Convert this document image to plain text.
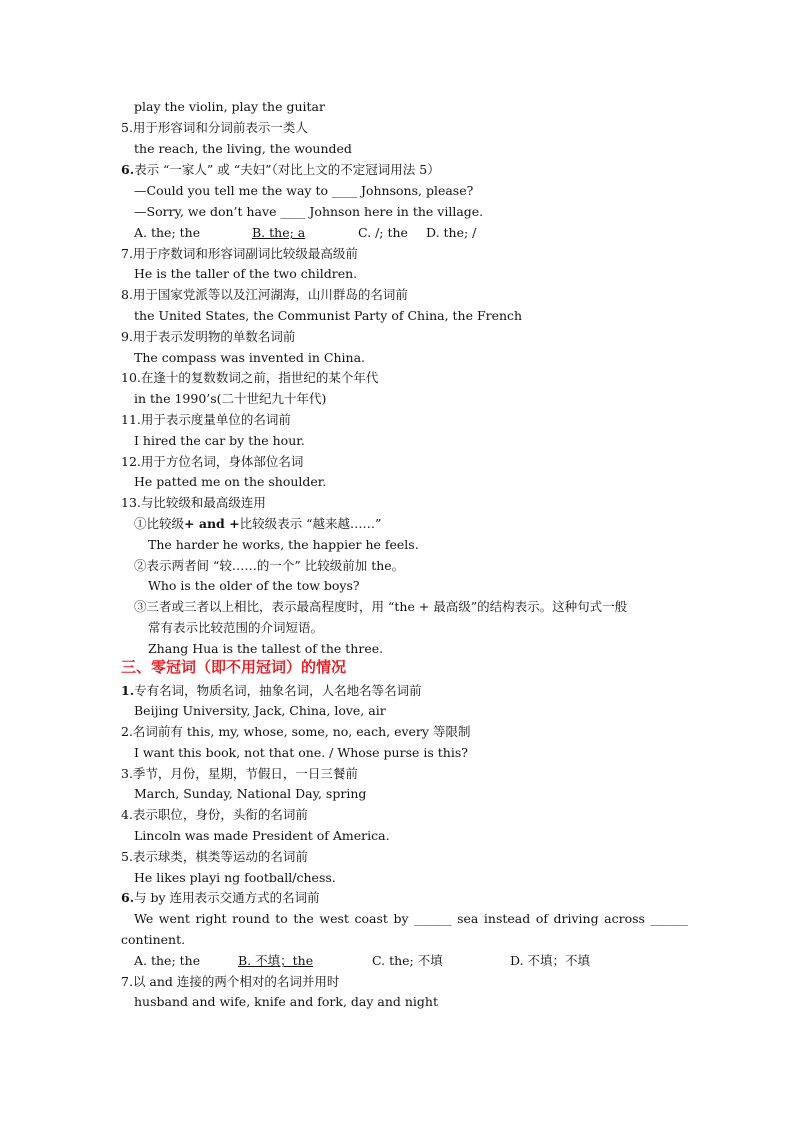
play the violin, play the guitar
5.用于形容词和分词前表示一类人
the reach, the living, the wounded
6.表示 “一家人” 或 “夫妇”（对比上文的不定冠词用法 5）
—Could you tell me the way to ____ Johnsons, please?
—Sorry, we don’t have ____ Johnson here in the village.
A. the; the	B. the; a	C. /; the D. the; /
7.用于序数词和形容词副词比较级最高级前
He is the taller of the two children.
8.用于国家党派等以及江河湖海，山川群岛的名词前
the United States, the Communist Party of China, the French
9.用于表示发明物的单数名词前
The compass was invented in China.
10.在逢十的复数数词之前，指世纪的某个年代
in the 1990’s(二十世纪九十年代)
11.用于表示度量单位的名词前
I hired the car by the hour.
12.用于方位名词，身体部位名词
He patted me on the shoulder.
13.与比较级和最高级连用
①比较级+ and +比较级表示 “越来越……”
The harder he works, the happier he feels.
②表示两者间 “较……的一个” 比较级前加 the。
Who is the older of the tow boys?
③三者或三者以上相比，表示最高程度时，用 “the + 最高级”的结构表示。这种句式一般
常有表示比较范围的介词短语。
Zhang Hua is the tallest of the three.
三、零冠词（即不用冠词）的情况
1.专有名词，物质名词，抽象名词，人名地名等名词前
Beijing University, Jack, China, love, air
2.名词前有 this, my, whose, some, no, each, every 等限制
I want this book, not that one. / Whose purse is this?
3.季节，月份，星期，节假日，一日三餐前
March, Sunday, National Day, spring
4.表示职位，身份，头衔的名词前
Lincoln was made President of America.
5.表示球类，棋类等运动的名词前
He likes playi ng football/chess.
6.与 by 连用表示交通方式的名词前
We went right round to the west coast by ______ sea instead of driving across ______
continent.
A. the; the	B. 不填；the	C. the; 不填	D. 不填；不填
7.以 and 连接的两个相对的名词并用时
husband and wife, knife and fork, day and night
